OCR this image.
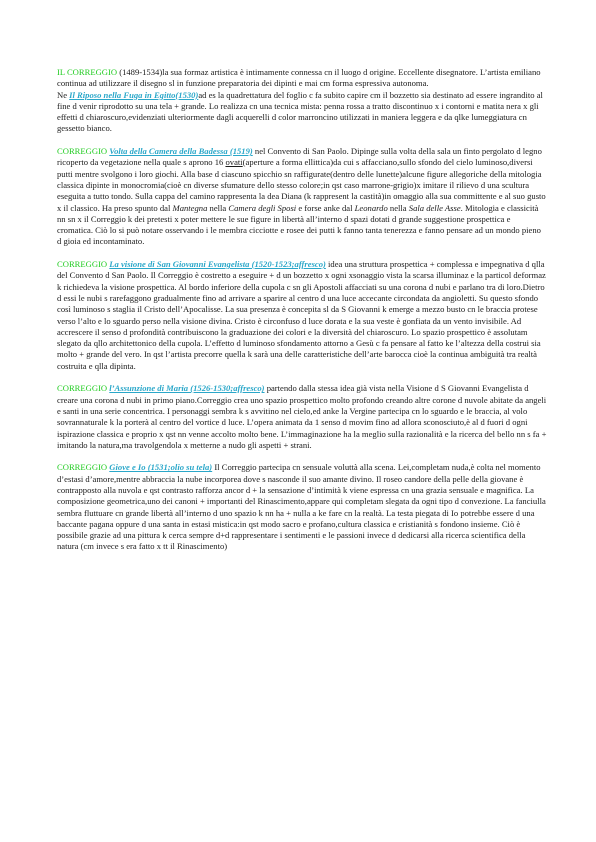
IL CORREGGIO (1489-1534)la sua formaz artistica è intimamente connessa cn il luogo d origine. Eccellente disegnatore. L’artista emiliano continua ad utilizzare il disegno sl in funzione preparatoria dei dipinti e mai cm forma espressiva autonoma.
Ne Il Riposo nella Fuga in Egitto(1530)ad es la quadrettatura del foglio c fa subito capire cm il bozzetto sia destinato ad essere ingrandito al fine d venir riprodotto su una tela + grande. Lo realizza cn una tecnica mista: penna rossa a tratto discontinuo x i contorni e matita nera x gli effetti d chiaroscuro,evidenziati ulteriormente dagli acquerelli d color marroncino utilizzati in maniera leggera e da qlke lumeggiatura cn gessetto bianco.

CORREGGIO Volta della Camera della Badessa (1519) nel Convento di San Paolo. Dipinge sulla volta della sala un finto pergolato d legno ricoperto da vegetazione nella quale s aprono 16 ovati(aperture a forma ellittica)da cui s affacciano,sullo sfondo del cielo luminoso,diversi putti mentre svolgono i loro giochi. Alla base d ciascuno spicchio sn raffigurate(dentro delle lunette)alcune figure allegoriche della mitologia classica dipinte in monocromia(cioè cn diverse sfumature dello stesso colore;in qst caso marrone-grigio)x imitare il rilievo d una scultura eseguita a tutto tondo. Sulla cappa del camino rappresenta la dea Diana (k rappresent la castità)in omaggio alla sua committente e al suo gusto x il classico. Ha preso spunto dal Mantegna nella Camera degli Sposi e forse anke dal Leonardo nella Sala delle Asse. Mitologia e classicità nn sn x il Correggio k dei pretesti x poter mettere le sue figure in libertà all’interno d spazi dotati d grande suggestione prospettica e cromatica. Ciò lo si può notare osservando i le membra cicciotte e rosee dei putti k fanno tanta tenerezza e fanno pensare ad un mondo pieno d gioia ed incontaminato.

CORREGGIO La visione di San Giovanni Evangelista (1520-1523;affresco) idea una struttura prospettica + complessa e impegnativa d qlla del Convento d San Paolo. Il Correggio è costretto a eseguire + d un bozzetto x ogni xsonaggio vista la scarsa illuminaz e la particol deformaz k richiedeva la visione prospettica. Al bordo inferiore della cupola c sn gli Apostoli affacciati su una corona d nubi e parlano tra di loro.Dietro d essi le nubi s rarefaggono gradualmente fino ad arrivare a sparire al centro d una luce accecante circondata da angioletti. Su questo sfondo così luminoso s staglia il Cristo dell’Apocalisse. La sua presenza è concepita sl da S Giovanni k emerge a mezzo busto cn le braccia protese verso l’alto e lo sguardo perso nella visione divina. Cristo è circonfuso d luce dorata e la sua veste è gonfiata da un vento invisibile. Ad accrescere il senso d profondità contribuiscono la graduazione dei colori e la diversità del chiaroscuro. Lo spazio prospettico è assolutam slegato da qllo architettonico della cupola. L’effetto d luminoso sfondamento attorno a Gesù c fa pensare al fatto ke l’altezza della costrui sia molto + grande del vero. In qst l’artista precorre quella k sarà una delle caratteristiche dell’arte barocca cioè la continua ambiguità tra realtà costruita e qlla dipinta.

CORREGGIO l’Assunzione di Maria (1526-1530;affresco) partendo dalla stessa idea già vista nella Visione d S Giovanni Evangelista d creare una corona d nubi in primo piano.Correggio crea uno spazio prospettico molto profondo creando altre corone d nuvole abitate da angeli e santi in una serie concentrica. I personaggi sembra k s avvitino nel cielo,ed anke la Vergine partecipa cn lo sguardo e le braccia, al volo sovrannaturale k la porterà al centro del vortice d luce. L’opera animata da 1 senso d movim fino ad allora sconosciuto,è al d fuori d ogni ispirazione classica e proprio x qst nn venne accolto molto bene. L’immaginazione ha la meglio sulla razionalità e la ricerca del bello nn s fa + imitando la natura,ma travolgendola x metterne a nudo gli aspetti + strani.

CORREGGIO Giove e Io (1531;olio su tela) Il Correggio partecipa cn sensuale voluttà alla scena. Lei,completam nuda,è colta nel momento d’estasi d’amore,mentre abbraccia la nube incorporea dove s nasconde il suo amante divino. Il roseo candore della pelle della giovane è contrapposto alla nuvola e qst contrasto rafforza ancor d + la sensazione d’intimità k viene espressa cn una grazia sensuale e magnifica. La composizione geometrica,uno dei canoni + importanti del Rinascimento,appare qui completam slegata da ogni tipo d convezione. La fanciulla sembra fluttuare cn grande libertà all’interno d uno spazio k nn ha + nulla a ke fare cn la realtà. La testa piegata di Io potrebbe essere d una baccante pagana oppure d una santa in estasi mistica:in qst modo sacro e profano,cultura classica e cristianità s fondono insieme. Ciò è possibile grazie ad una pittura k cerca sempre d+d rappresentare i sentimenti e le passioni invece d dedicarsi alla ricerca scientifica della natura (cm invece s era fatto x tt il Rinascimento)
